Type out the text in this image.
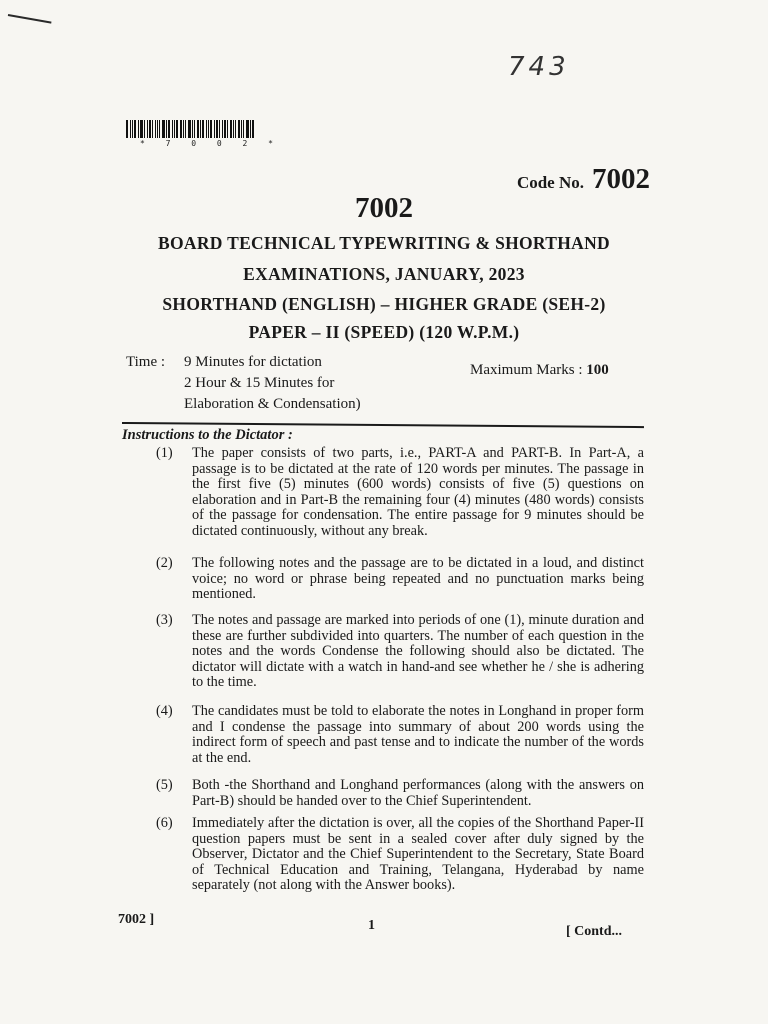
743
* 7 0 0 2 *
Code No. 7002
7002
BOARD TECHNICAL TYPEWRITING & SHORTHAND
EXAMINATIONS, JANUARY, 2023
SHORTHAND (ENGLISH) – HIGHER GRADE (SEH-2)
PAPER – II (SPEED) (120 W.P.M.)
Time :	9 Minutes for dictation
2 Hour & 15 Minutes for
Elaboration & Condensation)
Maximum Marks : 100
Instructions to the Dictator :
(1) The paper consists of two parts, i.e., PART-A and PART-B. In Part-A, a passage is to be dictated at the rate of 120 words per minutes. The passage in the first five (5) minutes (600 words) consists of five (5) questions on elaboration and in Part-B the remaining four (4) minutes (480 words) consists of the passage for condensation. The entire passage for 9 minutes should be dictated continuously, without any break.
(2) The following notes and the passage are to be dictated in a loud, and distinct voice; no word or phrase being repeated and no punctuation marks being mentioned.
(3) The notes and passage are marked into periods of one (1), minute duration and these are further subdivided into quarters. The number of each question in the notes and the words Condense the following should also be dictated. The dictator will dictate with a watch in hand-and see whether he / she is adhering to the time.
(4) The candidates must be told to elaborate the notes in Longhand in proper form and I condense the passage into summary of about 200 words using the indirect form of speech and past tense and to indicate the number of the words at the end.
(5) Both -the Shorthand and Longhand performances (along with the answers on Part-B) should be handed over to the Chief Superintendent.
(6) Immediately after the dictation is over, all the copies of the Shorthand Paper-II question papers must be sent in a sealed cover after duly signed by the Observer, Dictator and the Chief Superintendent to the Secretary, State Board of Technical Education and Training, Telangana, Hyderabad by name separately (not along with the Answer books).
7002 ]	1	[ Contd...
